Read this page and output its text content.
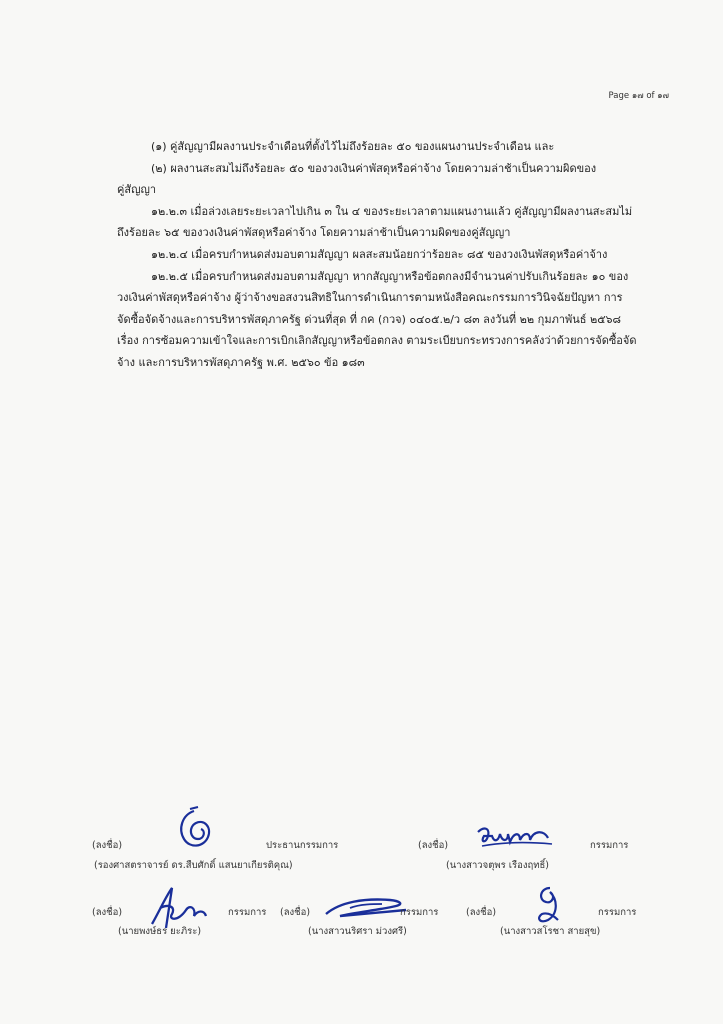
Page ๑๗ of ๑๗

(๑) คู่สัญญามีผลงานประจำเดือนที่ตั้งไว้ไม่ถึงร้อยละ ๕๐ ของแผนงานประจำเดือน และ

(๒) ผลงานสะสมไม่ถึงร้อยละ ๕๐ ของวงเงินค่าพัสดุหรือค่าจ้าง โดยความล่าช้าเป็นความผิดของ

คู่สัญญา

๑๒.๒.๓ เมื่อล่วงเลยระยะเวลาไปเกิน ๓ ใน ๔ ของระยะเวลาตามแผนงานแล้ว คู่สัญญามีผลงานสะสมไม่

ถึงร้อยละ ๖๕ ของวงเงินค่าพัสดุหรือค่าจ้าง โดยความล่าช้าเป็นความผิดของคู่สัญญา

๑๒.๒.๔ เมื่อครบกำหนดส่งมอบตามสัญญา ผลสะสมน้อยกว่าร้อยละ ๘๕ ของวงเงินพัสดุหรือค่าจ้าง

๑๒.๒.๕ เมื่อครบกำหนดส่งมอบตามสัญญา หากสัญญาหรือข้อตกลงมีจำนวนค่าปรับเกินร้อยละ ๑๐ ของ

วงเงินค่าพัสดุหรือค่าจ้าง ผู้ว่าจ้างขอสงวนสิทธิในการดำเนินการตามหนังสือคณะกรรมการวินิจฉัยปัญหา การ

จัดซื้อจัดจ้างและการบริหารพัสดุภาครัฐ ด่วนที่สุด ที่ กค (กวจ) ๐๔๐๕.๒/ว ๘๓ ลงวันที่ ๒๒ กุมภาพันธ์ ๒๕๖๘

เรื่อง การซ้อมความเข้าใจและการเบิกเลิกสัญญาหรือข้อตกลง ตามระเบียบกระทรวงการคลังว่าด้วยการจัดซื้อจัด

จ้าง และการบริหารพัสดุภาครัฐ พ.ศ. ๒๕๖๐ ข้อ ๑๘๓

(ลงชื่อ)	ประธานกรรมการ
(รองศาสตราจารย์ ดร.สืบศักดิ์ แสนยาเกียรติคุณ)
(ลงชื่อ)	กรรมการ
(นางสาวจตุพร เรืองฤทธิ์)
(ลงชื่อ)	กรรมการ
(นายพงษ์ธร ยะภิระ)
(ลงชื่อ)	กรรมการ
(นางสาวนริศรา ม่วงศรี)
(ลงชื่อ)	กรรมการ
(นางสาวสโรชา สายสุข)
